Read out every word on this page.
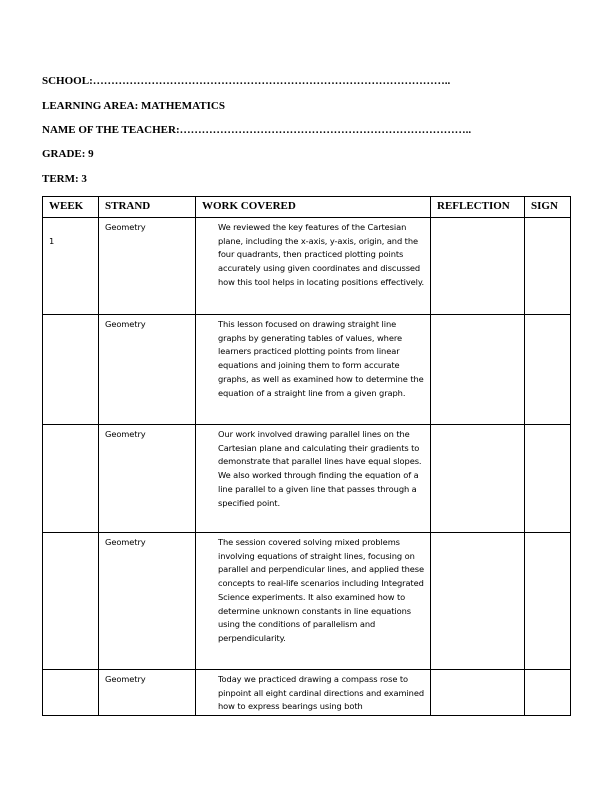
SCHOOL:……………………………………………………………………………………..
LEARNING AREA: MATHEMATICS
NAME OF THE TEACHER:……………………………………………………………………..
GRADE: 9
TERM: 3
WEEK	STRAND	WORK COVERED	REFLECTION	SIGN
1	Geometry	We reviewed the key features of the Cartesian plane, including the x-axis, y-axis, origin, and the four quadrants, then practiced plotting points accurately using given coordinates and discussed how this tool helps in locating positions effectively.		
	Geometry	This lesson focused on drawing straight line graphs by generating tables of values, where learners practiced plotting points from linear equations and joining them to form accurate graphs, as well as examined how to determine the equation of a straight line from a given graph.		
	Geometry	Our work involved drawing parallel lines on the Cartesian plane and calculating their gradients to demonstrate that parallel lines have equal slopes. We also worked through finding the equation of a line parallel to a given line that passes through a specified point.		
	Geometry	The session covered solving mixed problems involving equations of straight lines, focusing on parallel and perpendicular lines, and applied these concepts to real-life scenarios including Integrated Science experiments. It also examined how to determine unknown constants in line equations using the conditions of parallelism and perpendicularity.		
	Geometry	Today we practiced drawing a compass rose to pinpoint all eight cardinal directions and examined how to express bearings using both		
